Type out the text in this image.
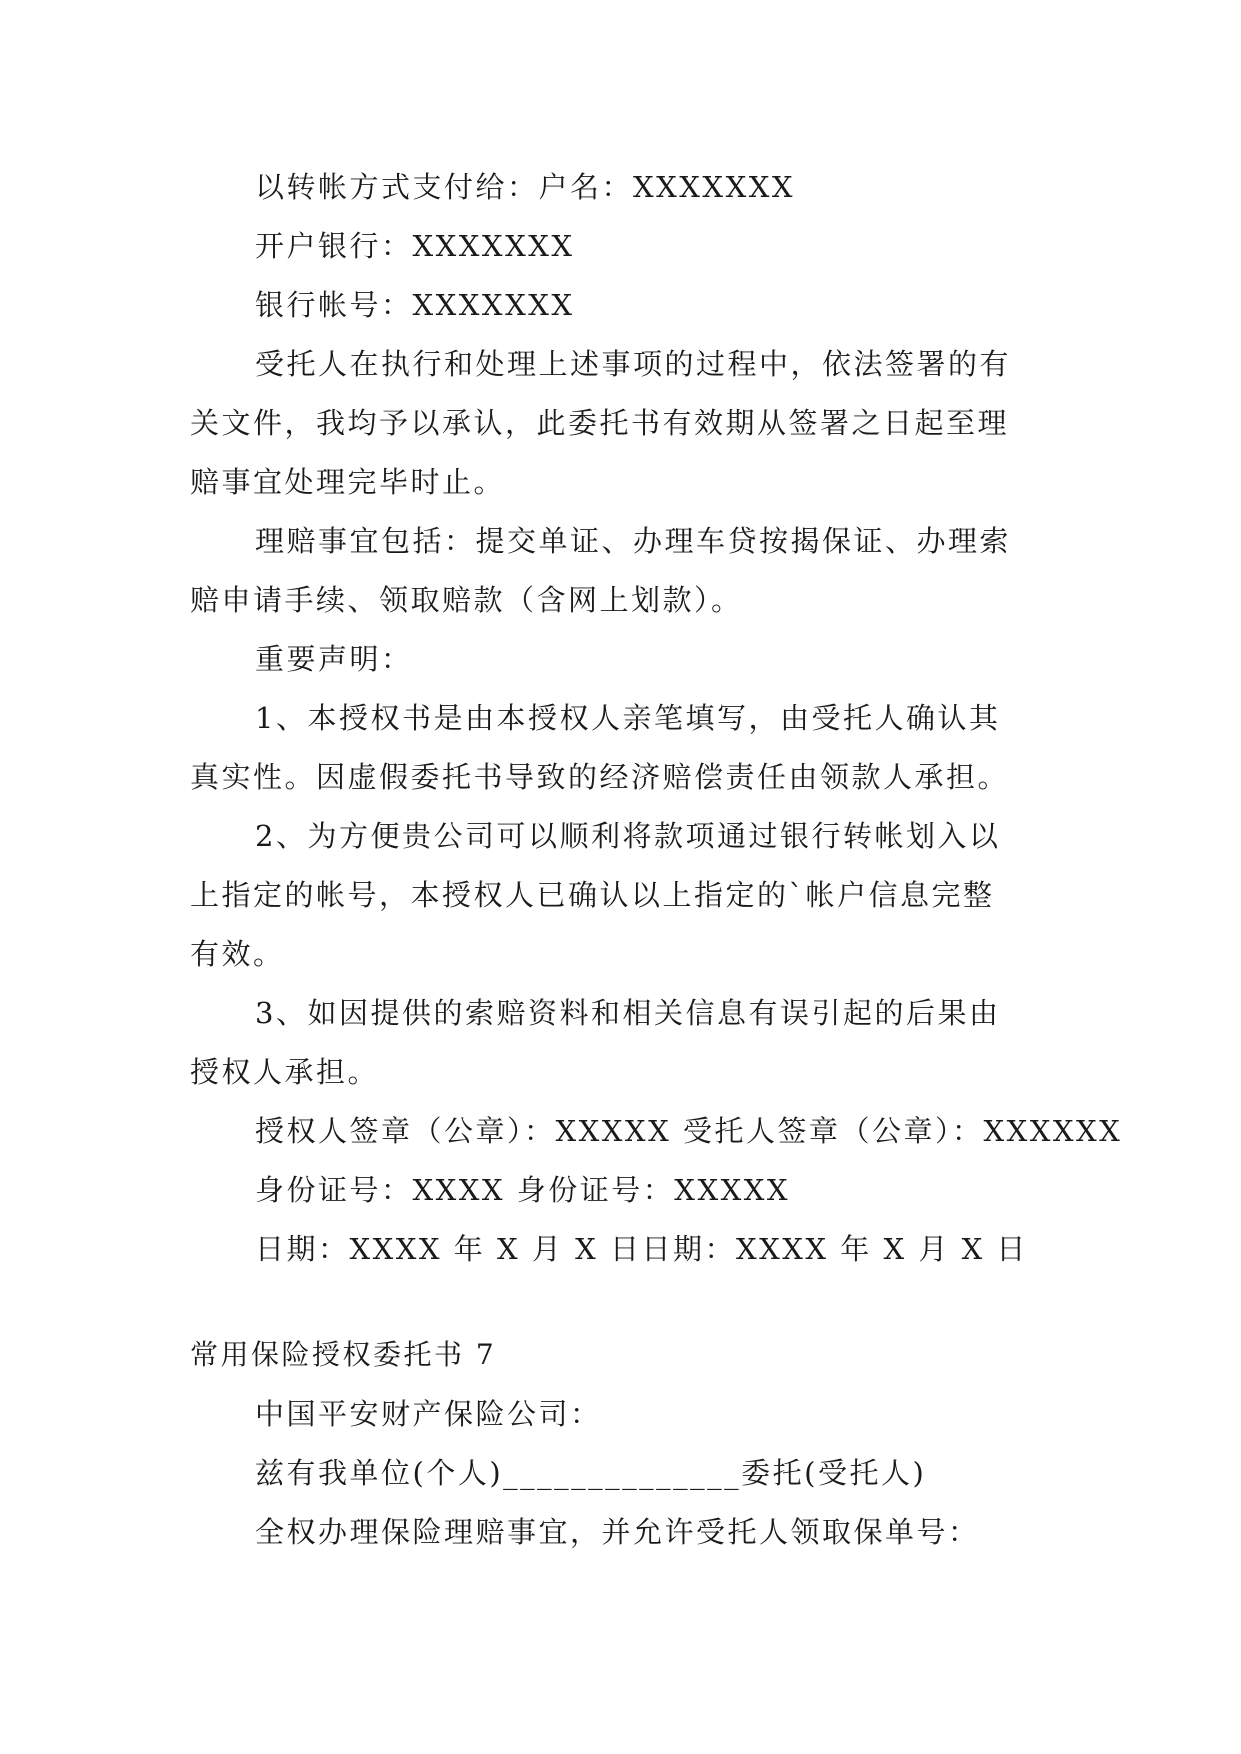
以转帐方式支付给：户名：XXXXXXX
开户银行：XXXXXXX
银行帐号：XXXXXXX
受托人在执行和处理上述事项的过程中，依法签署的有
关文件，我均予以承认，此委托书有效期从签署之日起至理
赔事宜处理完毕时止。
理赔事宜包括：提交单证、办理车贷按揭保证、办理索
赔申请手续、领取赔款（含网上划款）。
重要声明：
1、本授权书是由本授权人亲笔填写，由受托人确认其
真实性。因虚假委托书导致的经济赔偿责任由领款人承担。
2、为方便贵公司可以顺利将款项通过银行转帐划入以
上指定的帐号，本授权人已确认以上指定的`帐户信息完整
有效。
3、如因提供的索赔资料和相关信息有误引起的后果由
授权人承担。
授权人签章（公章）：XXXXX 受托人签章（公章）：XXXXXX
身份证号：XXXX 身份证号：XXXXX
日期：XXXX 年 X 月 X 日日期：XXXX 年 X 月 X 日
常用保险授权委托书 7
中国平安财产保险公司：
兹有我单位(个人)______________委托(受托人)
全权办理保险理赔事宜，并允许受托人领取保单号：
